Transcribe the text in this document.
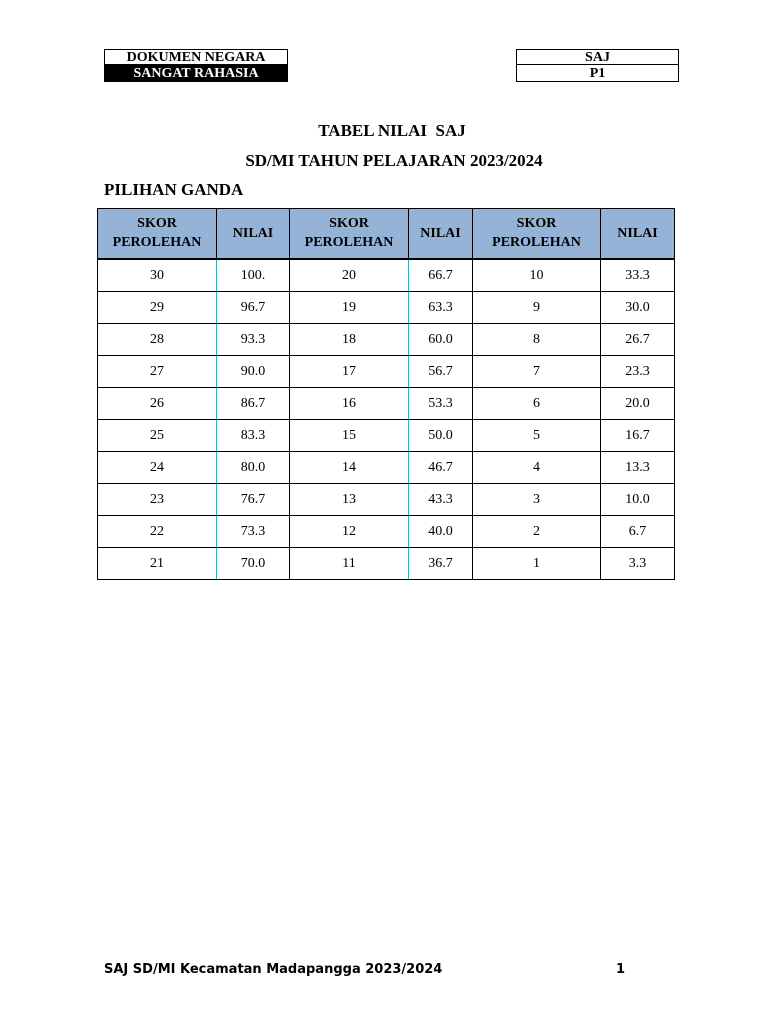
DOKUMEN NEGARA
SANGAT RAHASIA
SAJ
P1
TABEL NILAI  SAJ
SD/MI TAHUN PELAJARAN 2023/2024
PILIHAN GANDA
SKOR PEROLEHAN	NILAI	SKOR PEROLEHAN	NILAI	SKOR PEROLEHAN	NILAI
30	100.	20	66.7	10	33.3
29	96.7	19	63.3	9	30.0
28	93.3	18	60.0	8	26.7
27	90.0	17	56.7	7	23.3
26	86.7	16	53.3	6	20.0
25	83.3	15	50.0	5	16.7
24	80.0	14	46.7	4	13.3
23	76.7	13	43.3	3	10.0
22	73.3	12	40.0	2	6.7
21	70.0	11	36.7	1	3.3
SAJ SD/MI Kecamatan Madapangga 2023/2024	1
